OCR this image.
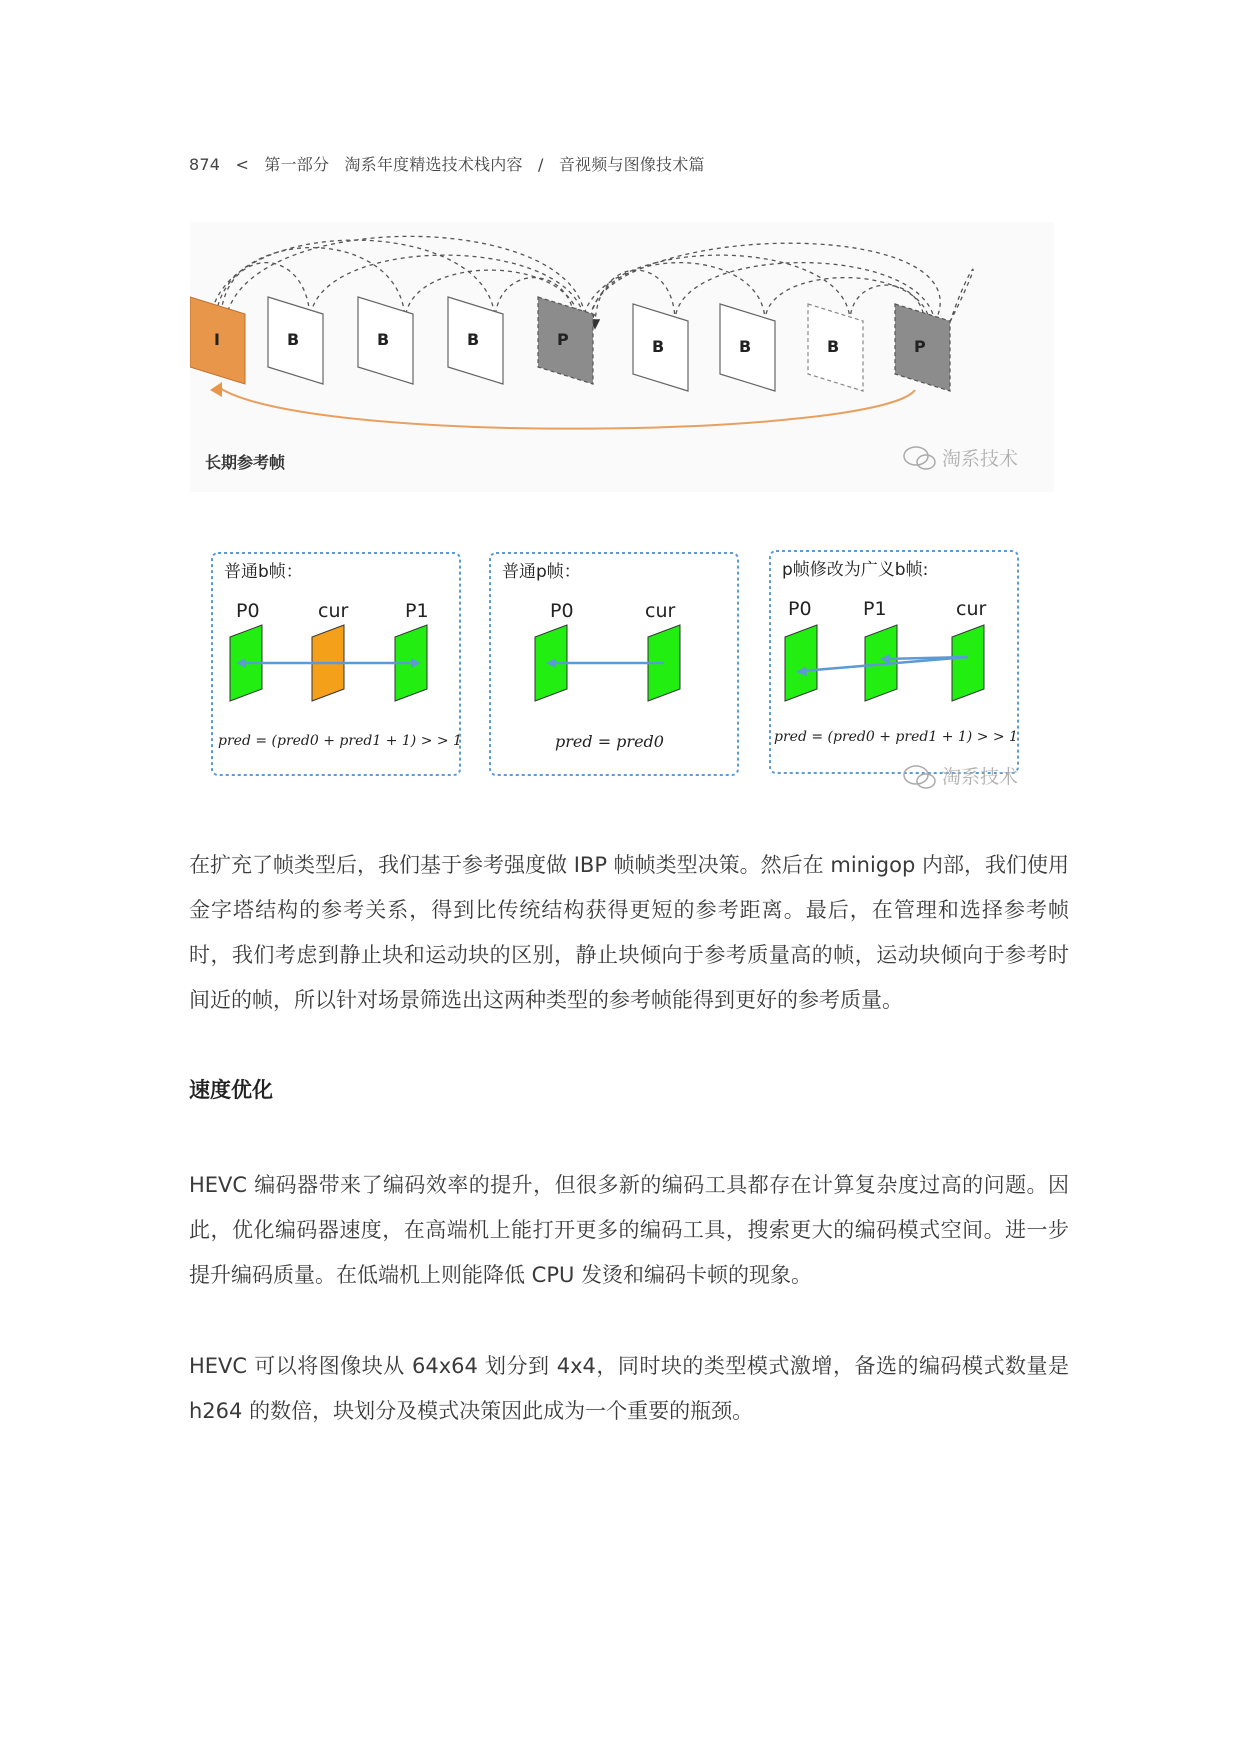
874 < 第一部分 淘系年度精选技术栈内容 / 音视频与图像技术篇
I	B	B	B	P	B	B	B	P
长期参考帧	淘系技术
普通b帧：
P0	cur	P1
pred = (pred0 + pred1 + 1) > > 1
普通p帧：
P0	cur
pred = pred0
p帧修改为广义b帧:
P0	P1	cur
pred = (pred0 + pred1 + 1) > > 1
淘系技术

在扩充了帧类型后，我们基于参考强度做 IBP 帧帧类型决策。然后在 minigop 内部，我们使用金字塔结构的参考关系，得到比传统结构获得更短的参考距离。最后，在管理和选择参考帧时，我们考虑到静止块和运动块的区别，静止块倾向于参考质量高的帧，运动块倾向于参考时间近的帧，所以针对场景筛选出这两种类型的参考帧能得到更好的参考质量。

速度优化

HEVC 编码器带来了编码效率的提升，但很多新的编码工具都存在计算复杂度过高的问题。因此，优化编码器速度，在高端机上能打开更多的编码工具，搜索更大的编码模式空间。进一步提升编码质量。在低端机上则能降低 CPU 发烫和编码卡顿的现象。

HEVC 可以将图像块从 64x64 划分到 4x4，同时块的类型模式激增，备选的编码模式数量是 h264 的数倍，块划分及模式决策因此成为一个重要的瓶颈。
